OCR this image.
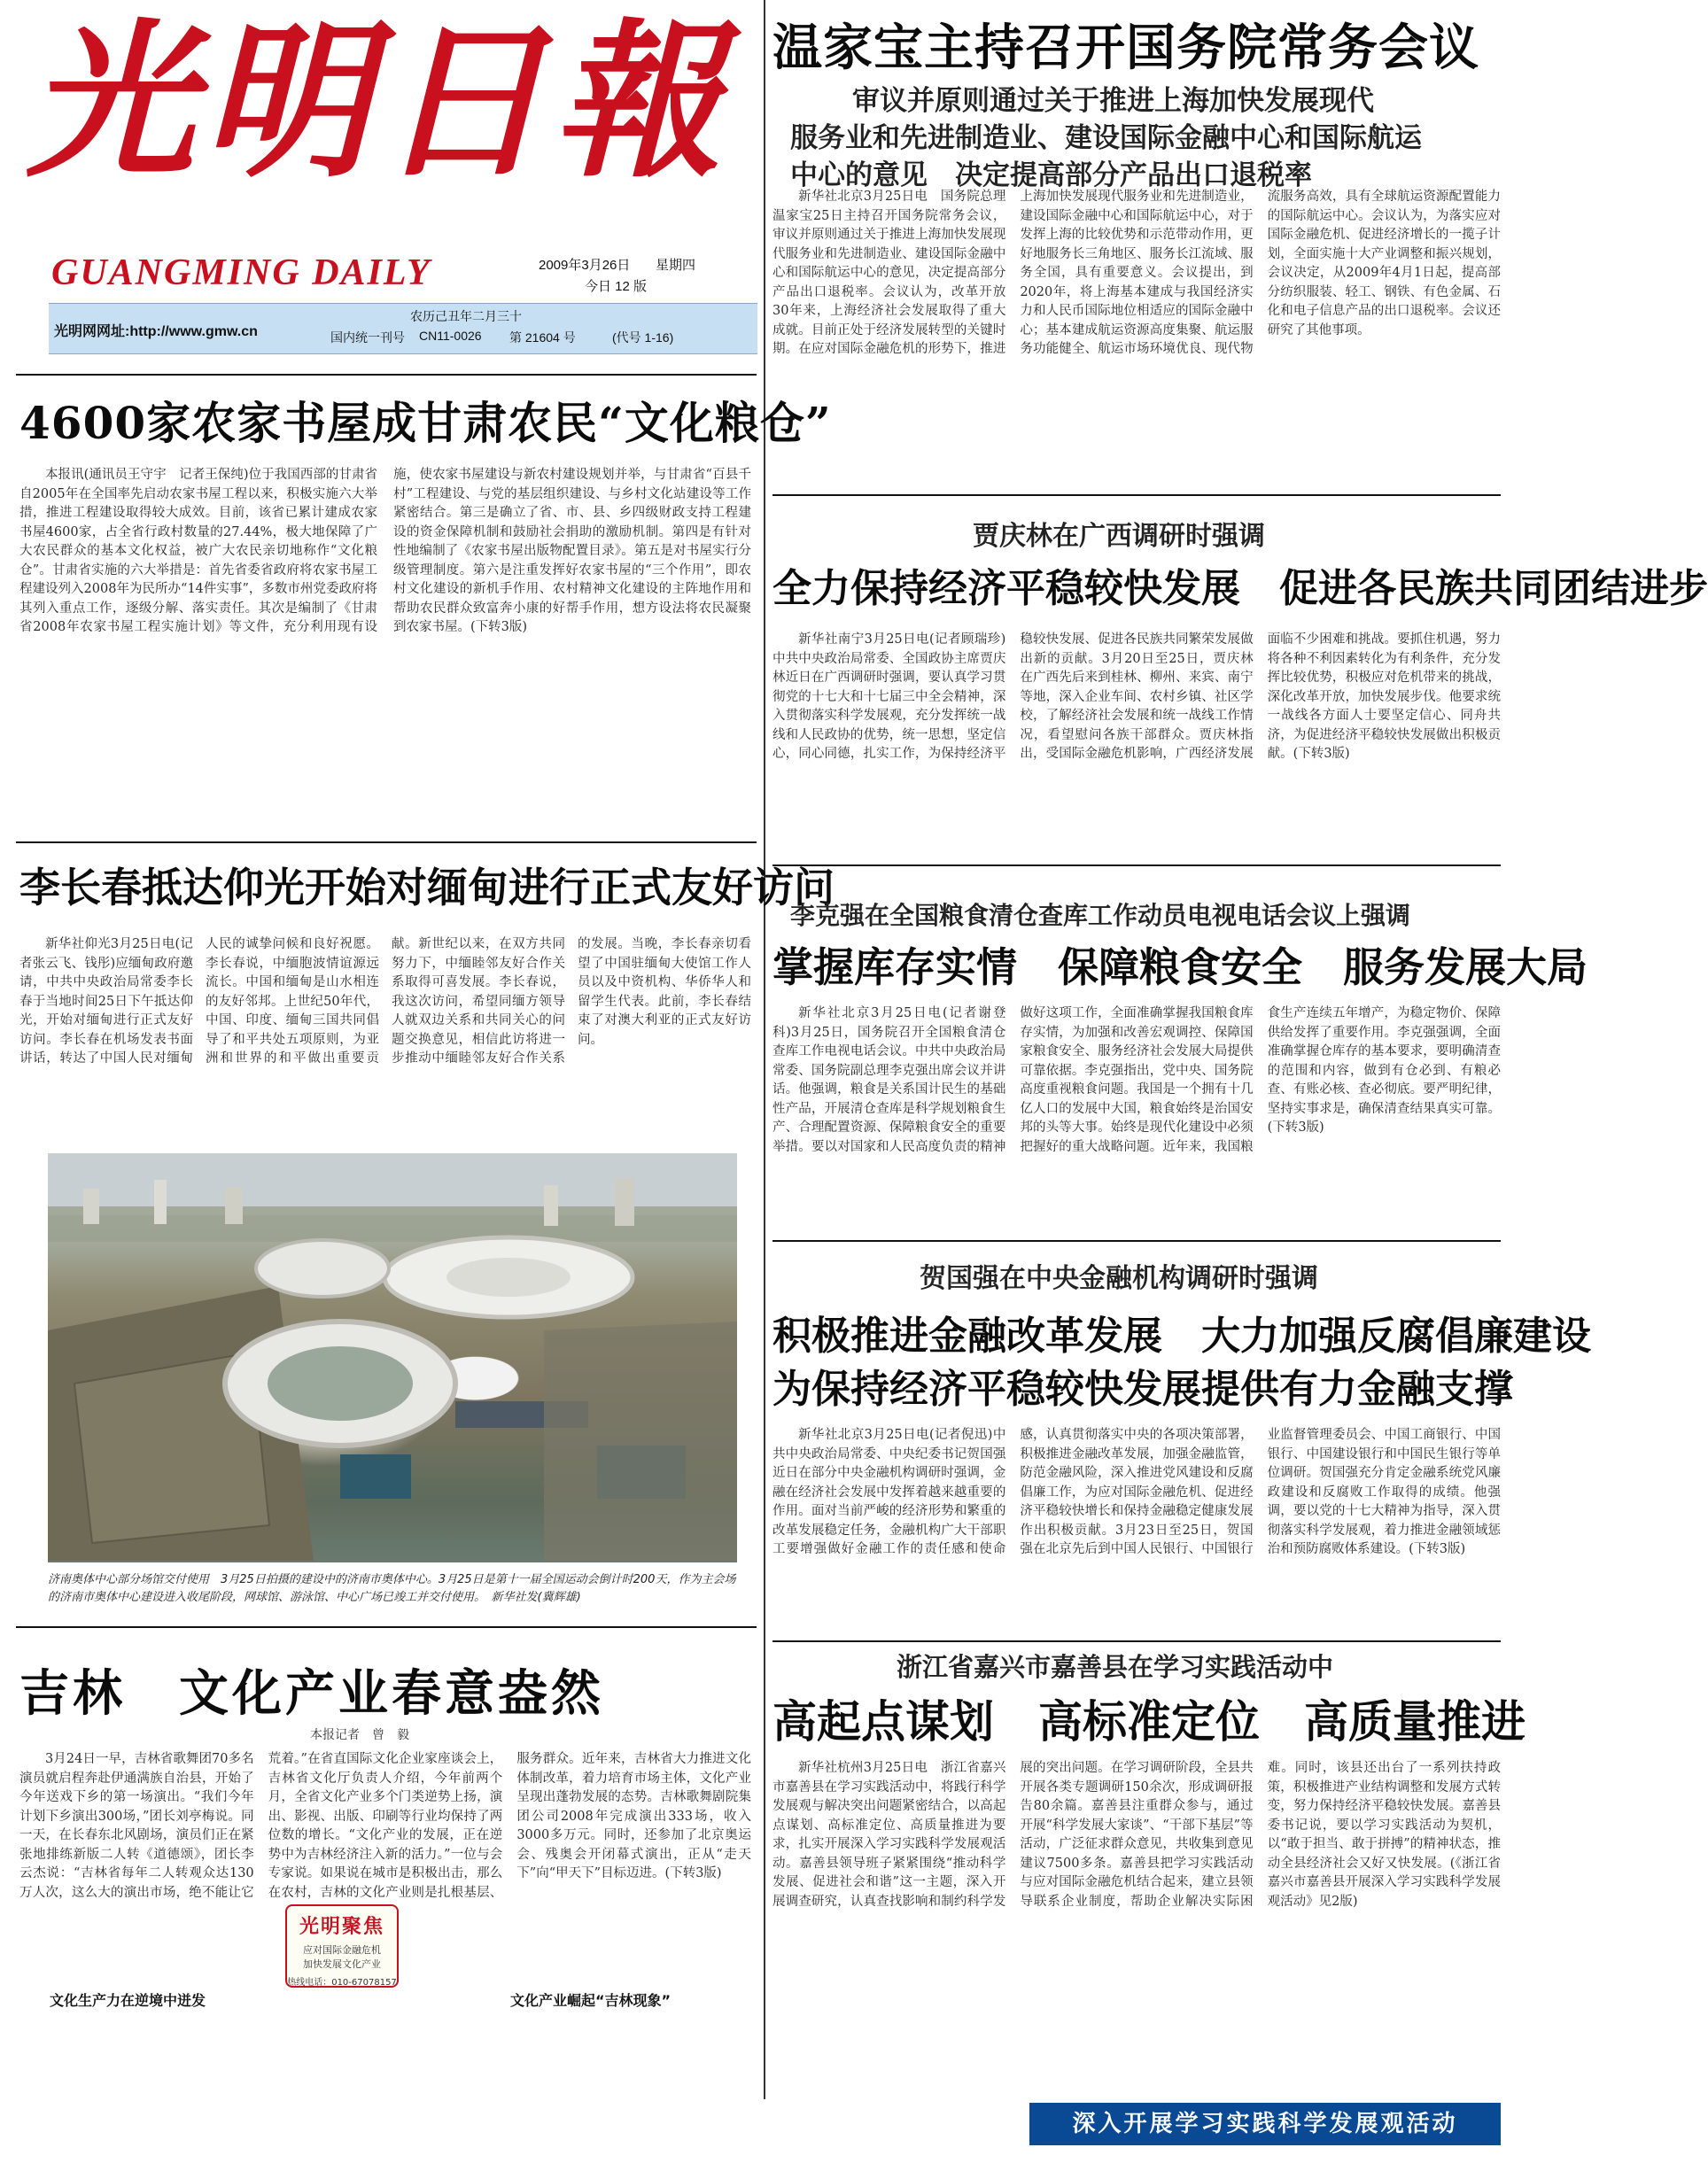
光明日報
GUANGMING DAILY	2009年3月26日 星期四
今日 12 版
光明网网址:http://www.gmw.cn
农历己丑年二月三十
国内统一刊号 CN11-0026 第 21604 号	(代号 1-16)
温家宝主持召开国务院常务会议
审议并原则通过关于推进上海加快发展现代
服务业和先进制造业、建设国际金融中心和国际航运
中心的意见　决定提高部分产品出口退税率

新华社北京3月25日电　国务院总理温家宝25日主持召开国务院常务会议，审议并原则通过关于推进上海加快发展现代服务业和先进制造业、建设国际金融中心和国际航运中心的意见，决定提高部分产品出口退税率。会议认为，改革开放30年来，上海经济社会发展取得了重大成就。目前正处于经济发展转型的关键时期。在应对国际金融危机的形势下，推进上海加快发展现代服务业和先进制造业，建设国际金融中心和国际航运中心，对于发挥上海的比较优势和示范带动作用，更好地服务长三角地区、服务长江流域、服务全国，具有重要意义。会议提出，到2020年，将上海基本建成与我国经济实力和人民币国际地位相适应的国际金融中心；基本建成航运资源高度集聚、航运服务功能健全、航运市场环境优良、现代物流服务高效，具有全球航运资源配置能力的国际航运中心。会议认为，为落实应对国际金融危机、促进经济增长的一揽子计划，全面实施十大产业调整和振兴规划，会议决定，从2009年4月1日起，提高部分纺织服装、轻工、钢铁、有色金属、石化和电子信息产品的出口退税率。会议还研究了其他事项。

4600家农家书屋成甘肃农民“文化粮仓”

本报讯(通讯员王守宇　记者王保纯)位于我国西部的甘肃省自2005年在全国率先启动农家书屋工程以来，积极实施六大举措，推进工程建设取得较大成效。目前，该省已累计建成农家书屋4600家，占全省行政村数量的27.44%，极大地保障了广大农民群众的基本文化权益，被广大农民亲切地称作“文化粮仓”。甘肃省实施的六大举措是：首先省委省政府将农家书屋工程建设列入2008年为民所办“14件实事”，多数市州党委政府将其列入重点工作，逐级分解、落实责任。其次是编制了《甘肃省2008年农家书屋工程实施计划》等文件，充分利用现有设施，使农家书屋建设与新农村建设规划并举，与甘肃省“百县千村”工程建设、与党的基层组织建设、与乡村文化站建设等工作紧密结合。第三是确立了省、市、县、乡四级财政支持工程建设的资金保障机制和鼓励社会捐助的激励机制。第四是有针对性地编制了《农家书屋出版物配置目录》。第五是对书屋实行分级管理制度。第六是注重发挥好农家书屋的“三个作用”，即农村文化建设的新机手作用、农村精神文化建设的主阵地作用和帮助农民群众致富奔小康的好帮手作用，想方设法将农民凝聚到农家书屋。(下转3版)

贾庆林在广西调研时强调
全力保持经济平稳较快发展　促进各民族共同团结进步

新华社南宁3月25日电(记者顾瑞珍)中共中央政治局常委、全国政协主席贾庆林近日在广西调研时强调，要认真学习贯彻党的十七大和十七届三中全会精神，深入贯彻落实科学发展观，充分发挥统一战线和人民政协的优势，统一思想，坚定信心，同心同德，扎实工作，为保持经济平稳较快发展、促进各民族共同繁荣发展做出新的贡献。3月20日至25日，贾庆林在广西先后来到桂林、柳州、来宾、南宁等地，深入企业车间、农村乡镇、社区学校，了解经济社会发展和统一战线工作情况，看望慰问各族干部群众。贾庆林指出，受国际金融危机影响，广西经济发展面临不少困难和挑战。要抓住机遇，努力将各种不利因素转化为有利条件，充分发挥比较优势，积极应对危机带来的挑战，深化改革开放，加快发展步伐。他要求统一战线各方面人士要坚定信心、同舟共济，为促进经济平稳较快发展做出积极贡献。(下转3版)

李长春抵达仰光开始对缅甸进行正式友好访问

新华社仰光3月25日电(记者张云飞、钱彤)应缅甸政府邀请，中共中央政治局常委李长春于当地时间25日下午抵达仰光，开始对缅甸进行正式友好访问。李长春在机场发表书面讲话，转达了中国人民对缅甸人民的诚挚问候和良好祝愿。李长春说，中缅胞波情谊源远流长。中国和缅甸是山水相连的友好邻邦。上世纪50年代，中国、印度、缅甸三国共同倡导了和平共处五项原则，为亚洲和世界的和平做出重要贡献。新世纪以来，在双方共同努力下，中缅睦邻友好合作关系取得可喜发展。李长春说，我这次访问，希望同缅方领导人就双边关系和共同关心的问题交换意见，相信此访将进一步推动中缅睦邻友好合作关系的发展。当晚，李长春亲切看望了中国驻缅甸大使馆工作人员以及中资机构、华侨华人和留学生代表。此前，李长春结束了对澳大利亚的正式友好访问。

李克强在全国粮食清仓查库工作动员电视电话会议上强调
掌握库存实情　保障粮食安全　服务发展大局

新华社北京3月25日电(记者谢登科)3月25日，国务院召开全国粮食清仓查库工作电视电话会议。中共中央政治局常委、国务院副总理李克强出席会议并讲话。他强调，粮食是关系国计民生的基础性产品，开展清仓查库是科学规划粮食生产、合理配置资源、保障粮食安全的重要举措。要以对国家和人民高度负责的精神做好这项工作，全面准确掌握我国粮食库存实情，为加强和改善宏观调控、保障国家粮食安全、服务经济社会发展大局提供可靠依据。李克强指出，党中央、国务院高度重视粮食问题。我国是一个拥有十几亿人口的发展中大国，粮食始终是治国安邦的头等大事。始终是现代化建设中必须把握好的重大战略问题。近年来，我国粮食生产连续五年增产，为稳定物价、保障供给发挥了重要作用。李克强强调，全面准确掌握仓库存的基本要求，要明确清查的范围和内容，做到有仓必到、有粮必查、有账必核、查必彻底。要严明纪律，坚持实事求是，确保清查结果真实可靠。(下转3版)

济南奥体中心部分场馆交付使用　3月25日拍摄的建设中的济南市奥体中心。3月25日是第十一届全国运动会倒计时200天，作为主会场的济南市奥体中心建设进入收尾阶段，网球馆、游泳馆、中心广场已竣工并交付使用。　新华社发(冀辉雄)
贺国强在中央金融机构调研时强调
积极推进金融改革发展　大力加强反腐倡廉建设
为保持经济平稳较快发展提供有力金融支撑

新华社北京3月25日电(记者倪迅)中共中央政治局常委、中央纪委书记贺国强近日在部分中央金融机构调研时强调，金融在经济社会发展中发挥着越来越重要的作用。面对当前严峻的经济形势和繁重的改革发展稳定任务，金融机构广大干部职工要增强做好金融工作的责任感和使命感，认真贯彻落实中央的各项决策部署，积极推进金融改革发展，加强金融监管，防范金融风险，深入推进党风建设和反腐倡廉工作，为应对国际金融危机、促进经济平稳较快增长和保持金融稳定健康发展作出积极贡献。3月23日至25日，贺国强在北京先后到中国人民银行、中国银行业监督管理委员会、中国工商银行、中国银行、中国建设银行和中国民生银行等单位调研。贺国强充分肯定金融系统党风廉政建设和反腐败工作取得的成绩。他强调，要以党的十七大精神为指导，深入贯彻落实科学发展观，着力推进金融领域惩治和预防腐败体系建设。(下转3版)

吉林　文化产业春意盎然
本报记者　曾　毅

3月24日一早，吉林省歌舞团70多名演员就启程奔赴伊通满族自治县，开始了今年送戏下乡的第一场演出。“我们今年计划下乡演出300场，”团长刘亭梅说。同一天，在长春东北风剧场，演员们正在紧张地排练新版二人转《道德颂》，团长李云杰说：“吉林省每年二人转观众达130万人次，这么大的演出市场，绝不能让它荒着。”在省直国际文化企业家座谈会上，吉林省文化厅负责人介绍，今年前两个月，全省文化产业多个门类逆势上扬，演出、影视、出版、印刷等行业均保持了两位数的增长。“文化产业的发展，正在逆势中为吉林经济注入新的活力。”一位与会专家说。如果说在城市是积极出击，那么在农村，吉林的文化产业则是扎根基层、服务群众。近年来，吉林省大力推进文化体制改革，着力培育市场主体，文化产业呈现出蓬勃发展的态势。吉林歌舞剧院集团公司2008年完成演出333场，收入3000多万元。同时，还参加了北京奥运会、残奥会开闭幕式演出，正从“走天下”向“甲天下”目标迈进。(下转3版)

文化生产力在逆境中迸发	文化产业崛起“吉林现象”
光明聚焦
应对国际金融危机
加快发展文化产业
热线电话：010-67078157
浙江省嘉兴市嘉善县在学习实践活动中
高起点谋划　高标准定位　高质量推进

新华社杭州3月25日电　浙江省嘉兴市嘉善县在学习实践活动中，将践行科学发展观与解决突出问题紧密结合，以高起点谋划、高标准定位、高质量推进为要求，扎实开展深入学习实践科学发展观活动。嘉善县领导班子紧紧围绕“推动科学发展、促进社会和谐”这一主题，深入开展调查研究，认真查找影响和制约科学发展的突出问题。在学习调研阶段，全县共开展各类专题调研150余次，形成调研报告80余篇。嘉善县注重群众参与，通过开展“科学发展大家谈”、“干部下基层”等活动，广泛征求群众意见，共收集到意见建议7500多条。嘉善县把学习实践活动与应对国际金融危机结合起来，建立县领导联系企业制度，帮助企业解决实际困难。同时，该县还出台了一系列扶持政策，积极推进产业结构调整和发展方式转变，努力保持经济平稳较快发展。嘉善县委书记说，要以学习实践活动为契机，以“敢于担当、敢于拼搏”的精神状态，推动全县经济社会又好又快发展。(《浙江省嘉兴市嘉善县开展深入学习实践科学发展观活动》见2版)

深入开展学习实践科学发展观活动
